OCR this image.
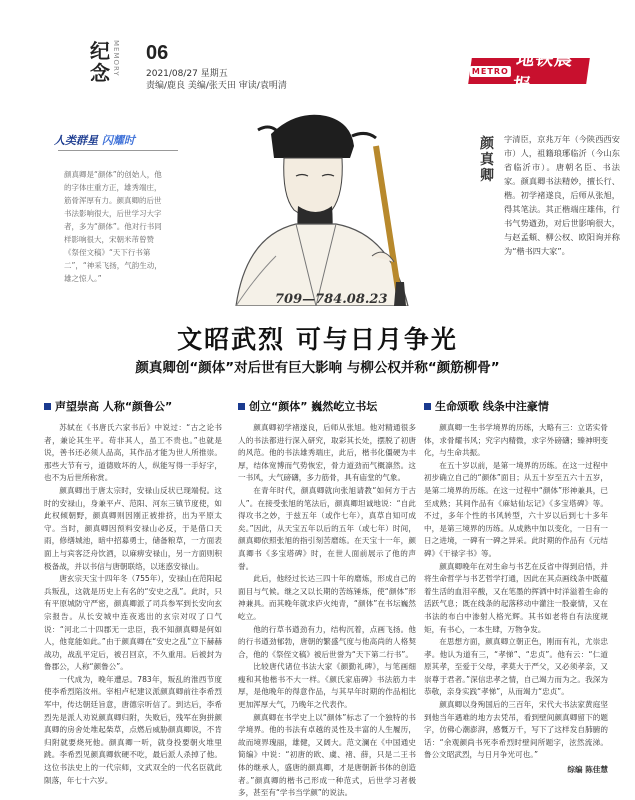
纪念 MEMORY 06
2021/08/27 星期五
责编/鹿良 美编/张天田 审读/袁明清
METRO
地铁晨报
人类群星 闪耀时
颜真卿是“颜体”的创始人，他的字体庄重方正，雄秀端庄，筋骨浑厚有力。颜真卿的后世书法影响很大，后世学习大字者，多为“颜体”。他对行书同样影响很大，宋朝米芾曾赞《祭侄文稿》“天下行书第二”，“神采飞扬，气韵生动，雄之惊人。”
颜真卿
字清臣，京兆万年（今陕西西安市）人，祖籍琅琊临沂（今山东省临沂市）。唐朝名臣、书法家。颜真卿书法精妙，擅长行、楷。初学褚遂良，后师从张旭，得其笔法。其正楷端庄雄伟，行书气势遒劲，对后世影响很大，与赵孟頫、柳公权、欧阳询并称为“楷书四大家”。
709—784.08.23
文昭武烈 可与日月争光
颜真卿创“颜体”对后世有巨大影响 与柳公权并称“颜筋柳骨”
声望崇高 人称“颜鲁公”

苏轼在《书唐氏六家书后》中说过：“古之论书者，兼论其生平。苟非其人，虽工不贵也。”也就是说，善书还必须人品高，其作品才能为世人所推崇。那些大节有亏，道德败坏的人，纵能写得一手好字，也不为后世所称赏。

颜真卿出于唐太宗时，安禄山反状已现端倪。这时的安禄山，身兼平卢、范阳、河东三镇节度使，如此权倾朝野，颜真卿则因刚正被排挤，出为平原太守。当时，颜真卿因预料安禄山必反，于是借口天雨，修缮城池，暗中招募勇士，储备粮草，一方面表面上与宾客泛舟饮酒，以麻痹安禄山，另一方面则积极备战，并以书信与唐朝联络，以迷惑安禄山。

唐玄宗天宝十四年冬（755年），安禄山在范阳起兵叛乱，这就是历史上有名的“安史之乱”。此时，只有平原城防守严密，颜真卿派了司兵参军到长安向玄宗报告。从长安城中连夜逃出的玄宗对叹了口气说：“河北二十四郡无一忠臣，我不知颜真卿是何如人，他竟能如此。”由于颜真卿在“安史之乱”立下赫赫战功，战乱平定后，被召回京，不久重用。后被封为鲁郡公，人称“颜鲁公”。

一代成为，晚年遭忌。783年，叛乱的淮西节度使李希烈陷汝州。宰相卢杞建议派颜真卿前往李希烈军中，传达朝廷旨意，唐德宗听信了。到达后，李希烈先是派人劝说颜真卿归附，失败后，残军在狗拼颜真卿的房舍处堆起柴草，点燃后威胁颜真卿说，不肯归附就要烧死他。颜真卿一听，就身投要朝火堆里跳。李希烈见颜真卿软硬不吃，最后派人杀掉了他。这位书法史上的一代宗师，文武双全的一代名臣就此陨落，年七十六岁。

创立“颜体” 巍然屹立书坛

颜真卿初学褚遂良，后师从张旭。他对精通很多人的书法都进行深入研究，取彩其长处，摆脱了初唐的风范。他的书法雄秀端庄，此后，楷书化僵硬为丰厚，结体宽博而气势恢宏，骨力道劲而气概凛然。这一书风，大气磅礴，多力筋骨，具有庙堂的气象。

在青年时代，颜真卿就向张旭请教“如何方于古人”。在接受张旭的笔法后，颜真卿坦诚地说：“自此得攻书之妙，于兹五年（或作七年），真草自知可成矣。”因此，从天宝五年以后的五年（或七年）时间，颜真卿依照张旭的指引刻苦磨练。在天宝十一年，颜真卿书《多宝塔碑》时，在世人面前展示了他的声誉。

此后，他经过长达三四十年的磨炼，形成自己的面目与气候。继之又以长期的苦练锤炼，使“颜体”形神兼具。而其晚年就求庐火纯青，“颜体”在书坛巍然屹立。

他的行草书遒劲有力，结构沉着，点画飞扬。他的行书遒劲郁勃，唐朝的繁盛气度与他高尚的人格契合，他的《祭侄文稿》被后世誉为“天下第二行书”。

比较唐代诸位书法大家《颜勤礼碑》，与笔画细瘦和其他楷书不大一样。《颜氏家庙碑》书法筋力丰厚，是他晚年的得意作品，与其早年时期的作品相比更加浑厚大气，乃晚年之代表作。

颜真卿在书学史上以“颜体”标志了一个独特的书学境界。他的书法有卓越的灵性及丰富的人生履历，故而境界瑰丽，雄健，又阔大。范文澜在《中国通史简编》中说：“初唐的欧、虞、褚、薛，只是二王书体的继承人，盛唐的颜真卿，才是唐朝新书体的创造者。”颜真卿的楷书己形成一种范式，后世学习者极多，甚至有“学书当学颜”的说法。

生命颂歌 线条中注豪情

颜真卿一生书学境界的历练，大略有三：立诺实骨体，求骨耀书风；究字内精微，求字外磅礴；臻神明变化，与生命共振。

在五十岁以前，是第一境界的历练。在这一过程中初步确立自己的“颜体”面目；从五十岁至五六十五岁，是第二境界的历练。在这一过程中“颜体”形神兼具，已至成熟；其间作品有《麻姑仙坛记》《多宝塔碑》等。不过，多年个性的书风转型，六十岁以后到七十多年中，是第三境界的历练。从成熟中加以变化，一日有一日之进境，一碑有一碑之异采。此时期的作品有《元结碑》《干禄字书》等。

颜真卿晚年在对生命与书艺在反省中得到启悟，并将生命哲学与书艺哲学打通，因此在其点画线条中既蕴着生活的血泪辛酸，又在笔墨的挥洒中时洋溢着生命的活跃气息；既在线条的起落移动中灌注一股豪情，又在书法的布白中渗射人格光辉。其书如老将自有法度规矩，有书心，一本生肆，万物争发。

在思想方面，颜真卿立朝正色，刚而有礼，尤崇忠孝。他认为道有三，“孝悌”、“忠贞”。他有云：“仁道原其孝，至爱于父母，孝莫大于严父，又必须孝亲，又崇尊于君者。”深信忠孝之情，自己竭力而为之。我深为恭敬，亲身实践“孝悌”，从而竭力“忠贞”。

颜真卿以身殉国后的三百年，宋代大书法家黄庭坚到他当年遇难的地方去凭吊，看到壁间颜真卿留下的题字，仿佛心潮澎湃，感慨万千，写下了这样发自肺腑的话：“余观颜尚书死李希烈时壁间所题字，泫然流涕。鲁公文昭武烈，与日月争光可也。”

综编 陈佳慧
